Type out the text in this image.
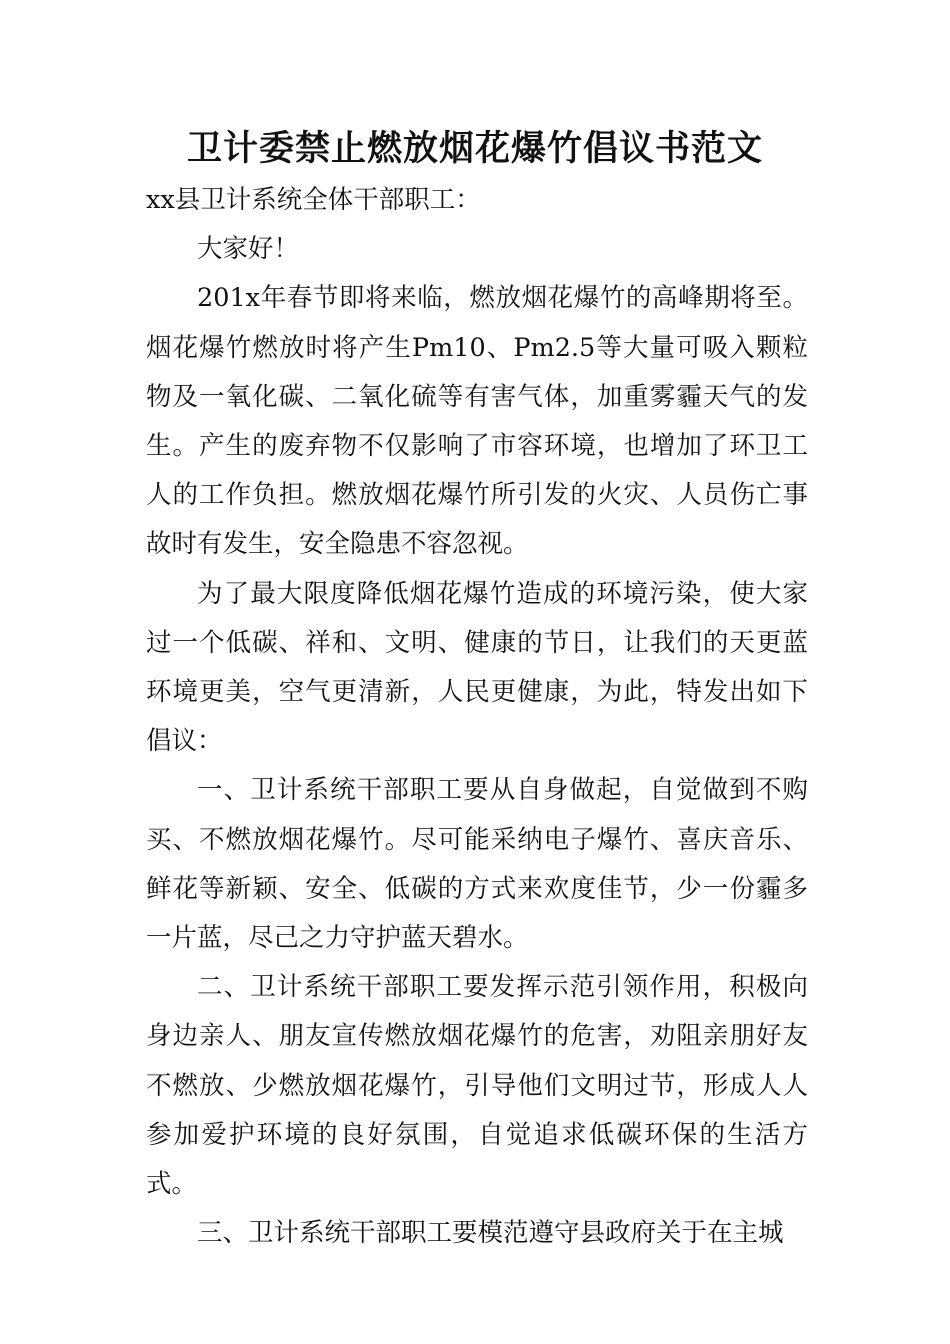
卫计委禁止燃放烟花爆竹倡议书范文

xx县卫计系统全体干部职工：

大家好！

201x年春节即将来临，燃放烟花爆竹的高峰期将至。烟花爆竹燃放时将产生Pm10、Pm2.5等大量可吸入颗粒物及一氧化碳、二氧化硫等有害气体，加重雾霾天气的发生。产生的废弃物不仅影响了市容环境，也增加了环卫工人的工作负担。燃放烟花爆竹所引发的火灾、人员伤亡事故时有发生，安全隐患不容忽视。

为了最大限度降低烟花爆竹造成的环境污染，使大家过一个低碳、祥和、文明、健康的节日，让我们的天更蓝环境更美，空气更清新，人民更健康，为此，特发出如下倡议：

一、卫计系统干部职工要从自身做起，自觉做到不购买、不燃放烟花爆竹。尽可能采纳电子爆竹、喜庆音乐、鲜花等新颖、安全、低碳的方式来欢度佳节，少一份霾多一片蓝，尽己之力守护蓝天碧水。

二、卫计系统干部职工要发挥示范引领作用，积极向身边亲人、朋友宣传燃放烟花爆竹的危害，劝阻亲朋好友不燃放、少燃放烟花爆竹，引导他们文明过节，形成人人参加爱护环境的良好氛围，自觉追求低碳环保的生活方式。

三、卫计系统干部职工要模范遵守县政府关于在主城
